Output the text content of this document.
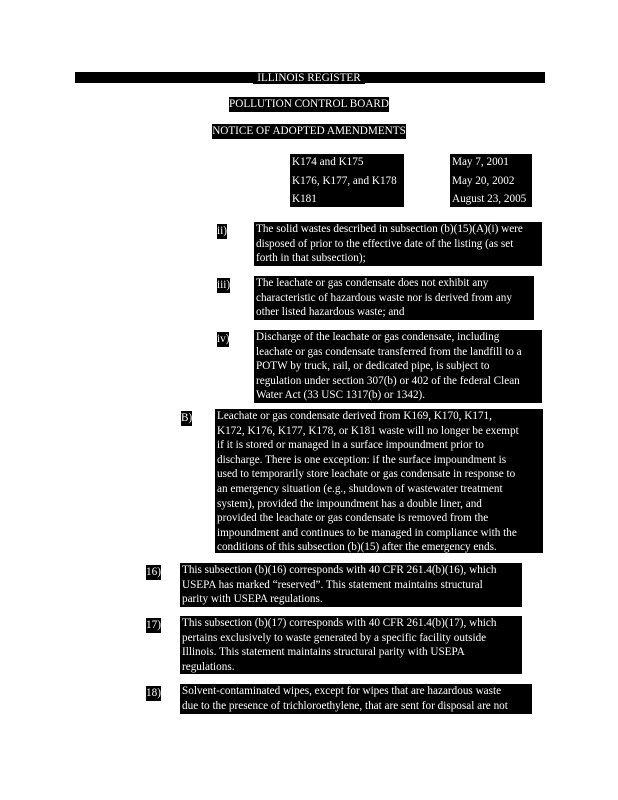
ILLINOIS REGISTER
POLLUTION CONTROL BOARD
NOTICE OF ADOPTED AMENDMENTS

K174 and K175

K176, K177, and K178

K181

May 7, 2001

May 20, 2002

August 23, 2005

ii)	The solid wastes described in subsection (b)(15)(A)(i) were

disposed of prior to the effective date of the listing (as set

forth in that subsection);

iii) The leachate or gas condensate does not exhibit any

characteristic of hazardous waste nor is derived from any

other listed hazardous waste; and

iv) Discharge of the leachate or gas condensate, including

leachate or gas condensate transferred from the landfill to a

POTW by truck, rail, or dedicated pipe, is subject to

regulation under section 307(b) or 402 of the federal Clean

Water Act (33 USC 1317(b) or 1342).

B) Leachate or gas condensate derived from K169, K170, K171,

K172, K176, K177, K178, or K181 waste will no longer be exempt

if it is stored or managed in a surface impoundment prior to

discharge. There is one exception: if the surface impoundment is

used to temporarily store leachate or gas condensate in response to

an emergency situation (e.g., shutdown of wastewater treatment

system), provided the impoundment has a double liner, and

provided the leachate or gas condensate is removed from the

impoundment and continues to be managed in compliance with the

conditions of this subsection (b)(15) after the emergency ends.

16) This subsection (b)(16) corresponds with 40 CFR 261.4(b)(16), which

USEPA has marked “reserved”. This statement maintains structural

parity with USEPA regulations.

17) This subsection (b)(17) corresponds with 40 CFR 261.4(b)(17), which

pertains exclusively to waste generated by a specific facility outside

Illinois. This statement maintains structural parity with USEPA

regulations.

18) Solvent-contaminated wipes, except for wipes that are hazardous waste

due to the presence of trichloroethylene, that are sent for disposal are not
